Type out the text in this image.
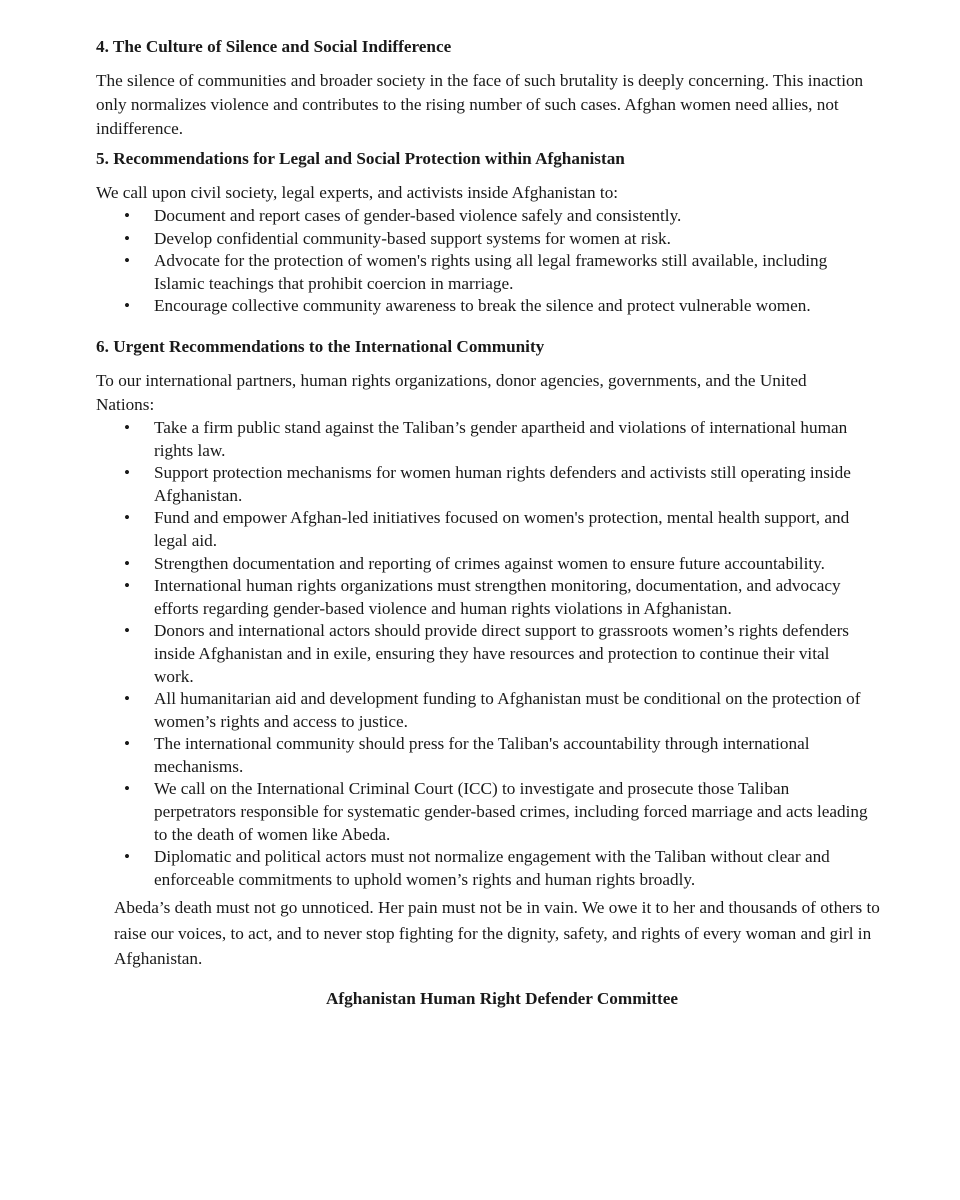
4. The Culture of Silence and Social Indifference

The silence of communities and broader society in the face of such brutality is deeply concerning. This inaction only normalizes violence and contributes to the rising number of such cases. Afghan women need allies, not indifference.

5. Recommendations for Legal and Social Protection within Afghanistan

We call upon civil society, legal experts, and activists inside Afghanistan to:

• Document and report cases of gender-based violence safely and consistently.
• Develop confidential community-based support systems for women at risk.
• Advocate for the protection of women's rights using all legal frameworks still available, including Islamic teachings that prohibit coercion in marriage.
• Encourage collective community awareness to break the silence and protect vulnerable women.
6. Urgent Recommendations to the International Community

To our international partners, human rights organizations, donor agencies, governments, and the United Nations:

• Take a firm public stand against the Taliban’s gender apartheid and violations of international human rights law.
• Support protection mechanisms for women human rights defenders and activists still operating inside Afghanistan.
• Fund and empower Afghan-led initiatives focused on women's protection, mental health support, and legal aid.
• Strengthen documentation and reporting of crimes against women to ensure future accountability.
• International human rights organizations must strengthen monitoring, documentation, and advocacy efforts regarding gender-based violence and human rights violations in Afghanistan.
• Donors and international actors should provide direct support to grassroots women’s rights defenders inside Afghanistan and in exile, ensuring they have resources and protection to continue their vital work.
• All humanitarian aid and development funding to Afghanistan must be conditional on the protection of women’s rights and access to justice.
• The international community should press for the Taliban's accountability through international mechanisms.
• We call on the International Criminal Court (ICC) to investigate and prosecute those Taliban perpetrators responsible for systematic gender-based crimes, including forced marriage and acts leading to the death of women like Abeda.
• Diplomatic and political actors must not normalize engagement with the Taliban without clear and enforceable commitments to uphold women’s rights and human rights broadly.

Abeda’s death must not go unnoticed. Her pain must not be in vain. We owe it to her and thousands of others to raise our voices, to act, and to never stop fighting for the dignity, safety, and rights of every woman and girl in Afghanistan.

Afghanistan Human Right Defender Committee
